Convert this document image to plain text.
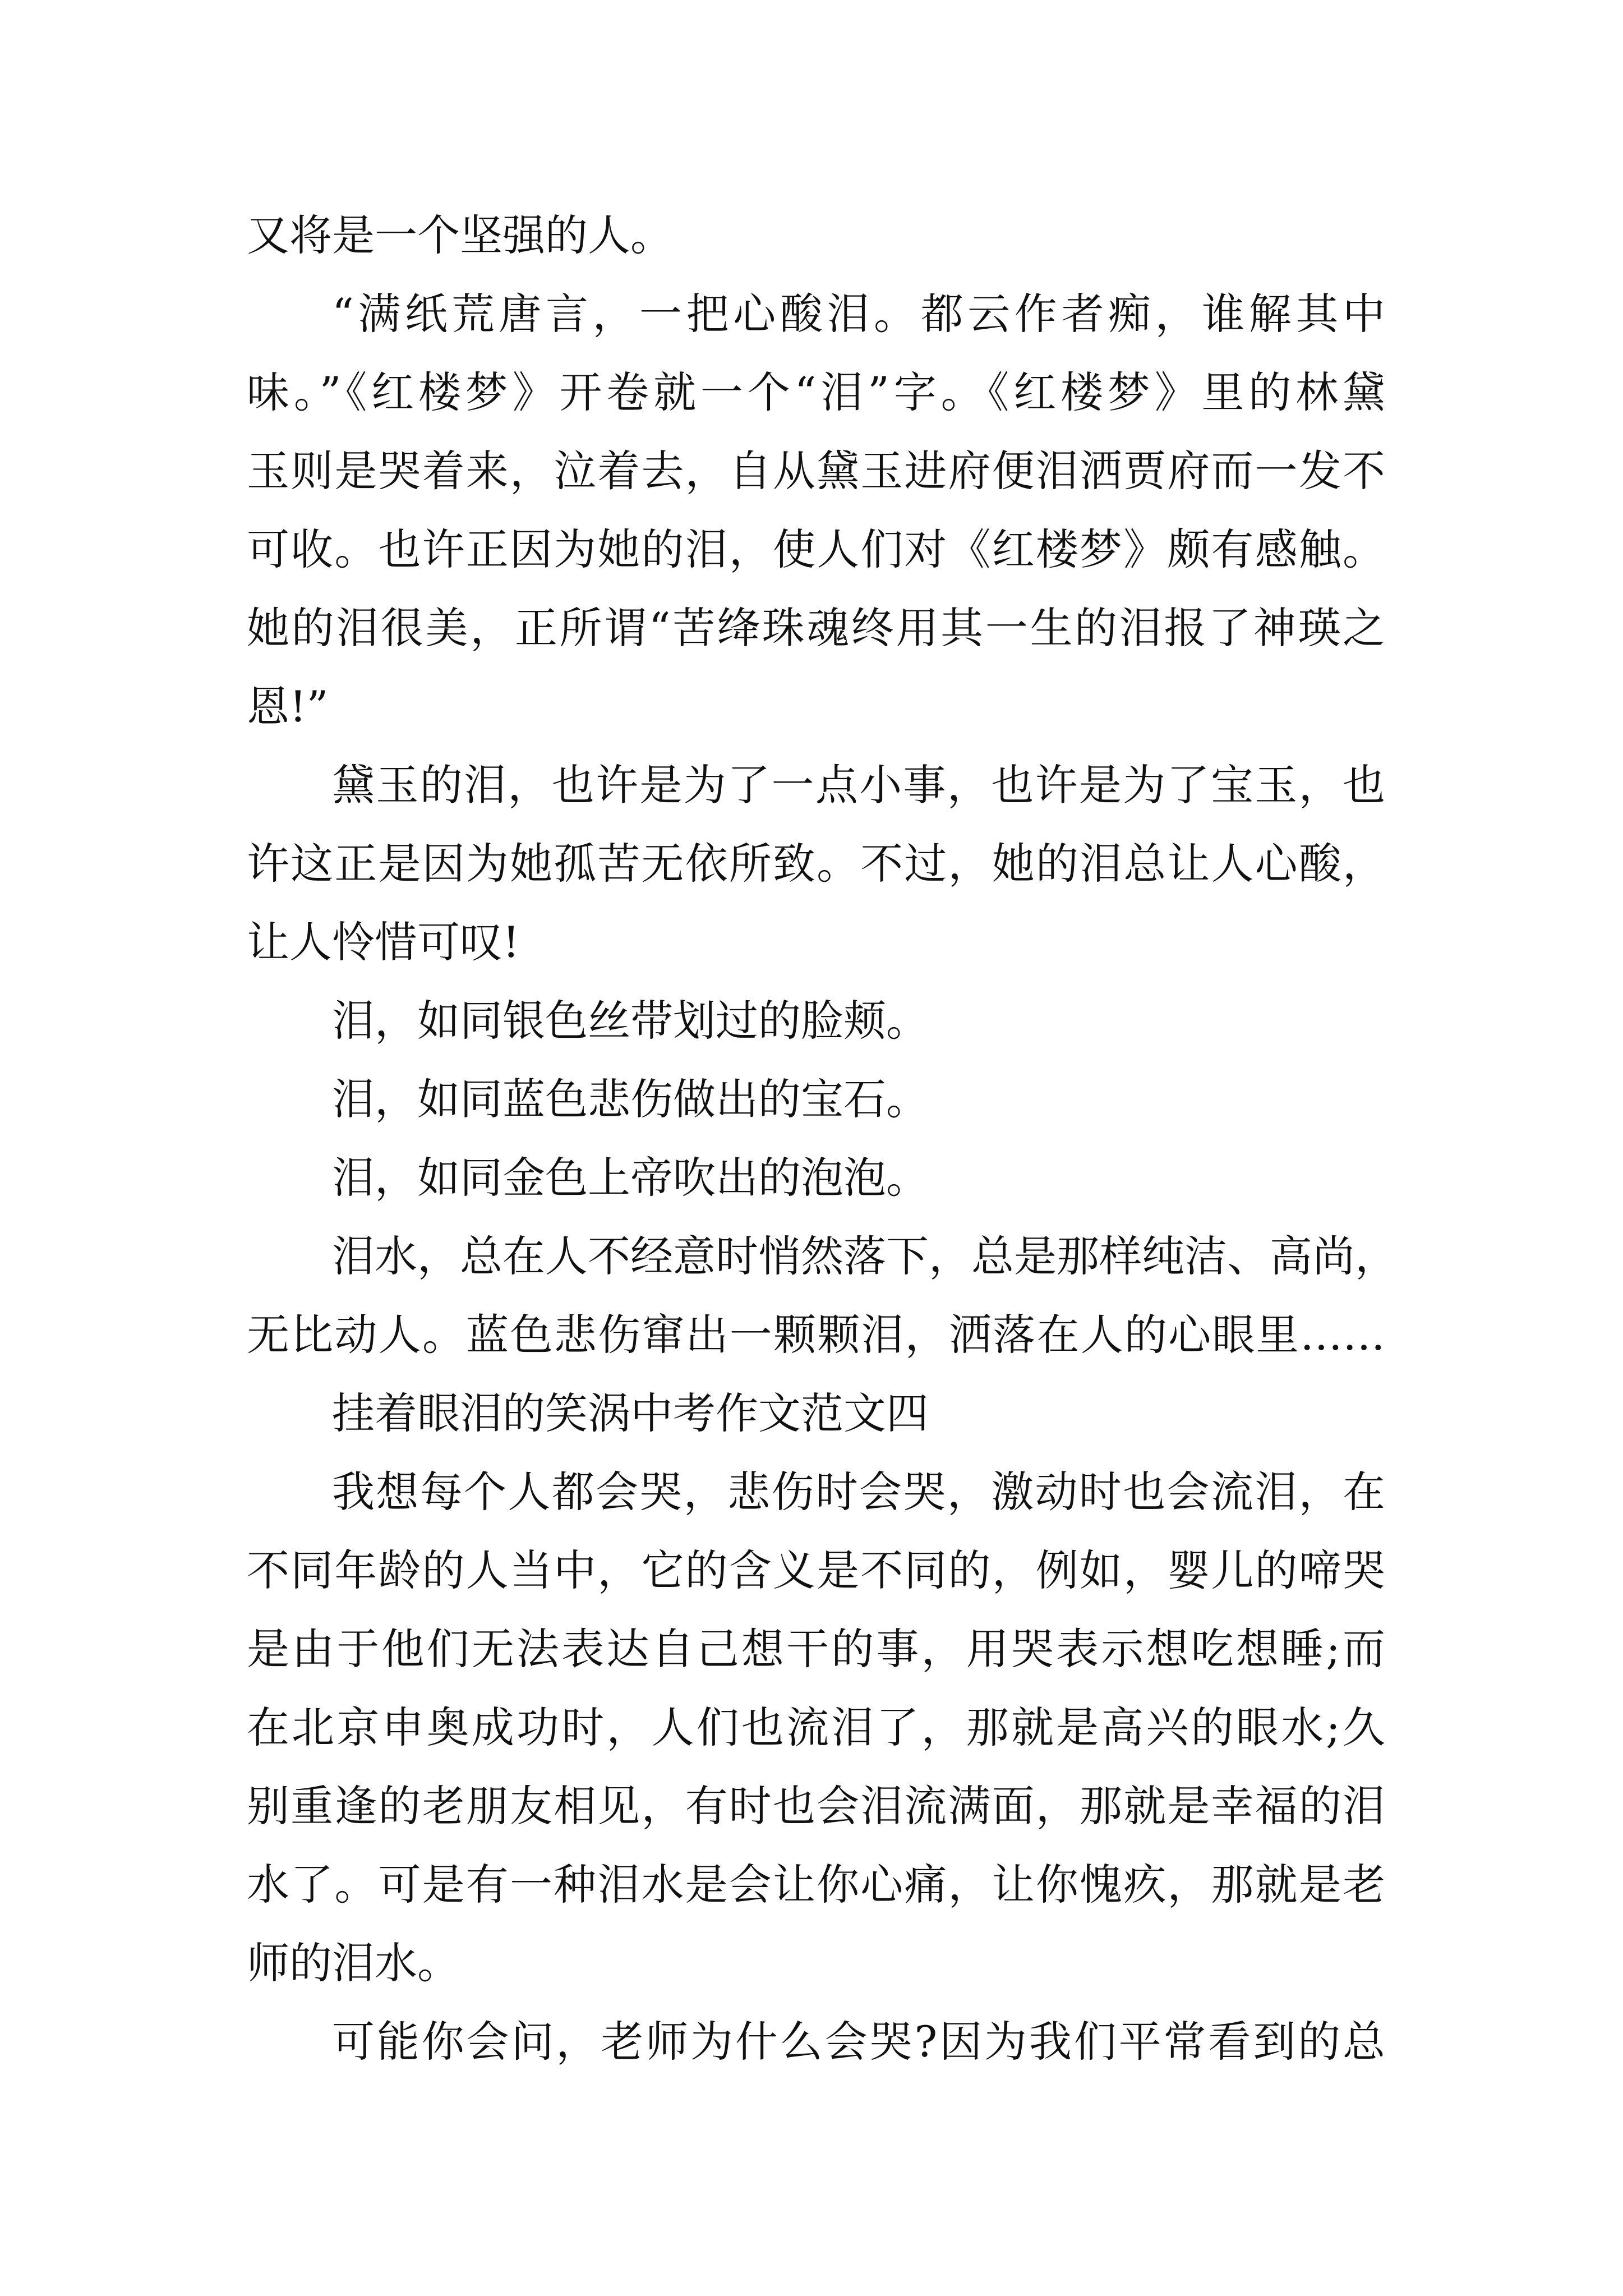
又将是一个坚强的人。
“满纸荒唐言，一把心酸泪。都云作者痴，谁解其中
味。”《红楼梦》开卷就一个“泪”字。《红楼梦》里的林黛
玉则是哭着来，泣着去，自从黛玉进府便泪洒贾府而一发不
可收。也许正因为她的泪，使人们对《红楼梦》颇有感触。
她的泪很美，正所谓“苦绛珠魂终用其一生的泪报了神瑛之
恩!”
黛玉的泪，也许是为了一点小事，也许是为了宝玉，也
许这正是因为她孤苦无依所致。不过，她的泪总让人心酸，
让人怜惜可叹!
泪，如同银色丝带划过的脸颊。
泪，如同蓝色悲伤做出的宝石。
泪，如同金色上帝吹出的泡泡。
泪水，总在人不经意时悄然落下，总是那样纯洁、高尚，
无比动人。蓝色悲伤窜出一颗颗泪，洒落在人的心眼里……
挂着眼泪的笑涡中考作文范文四
我想每个人都会哭，悲伤时会哭，激动时也会流泪，在
不同年龄的人当中，它的含义是不同的，例如，婴儿的啼哭
是由于他们无法表达自己想干的事，用哭表示想吃想睡;而
在北京申奥成功时，人们也流泪了，那就是高兴的眼水;久
别重逢的老朋友相见，有时也会泪流满面，那就是幸福的泪
水了。可是有一种泪水是会让你心痛，让你愧疚，那就是老
师的泪水。
可能你会问，老师为什么会哭?因为我们平常看到的总
